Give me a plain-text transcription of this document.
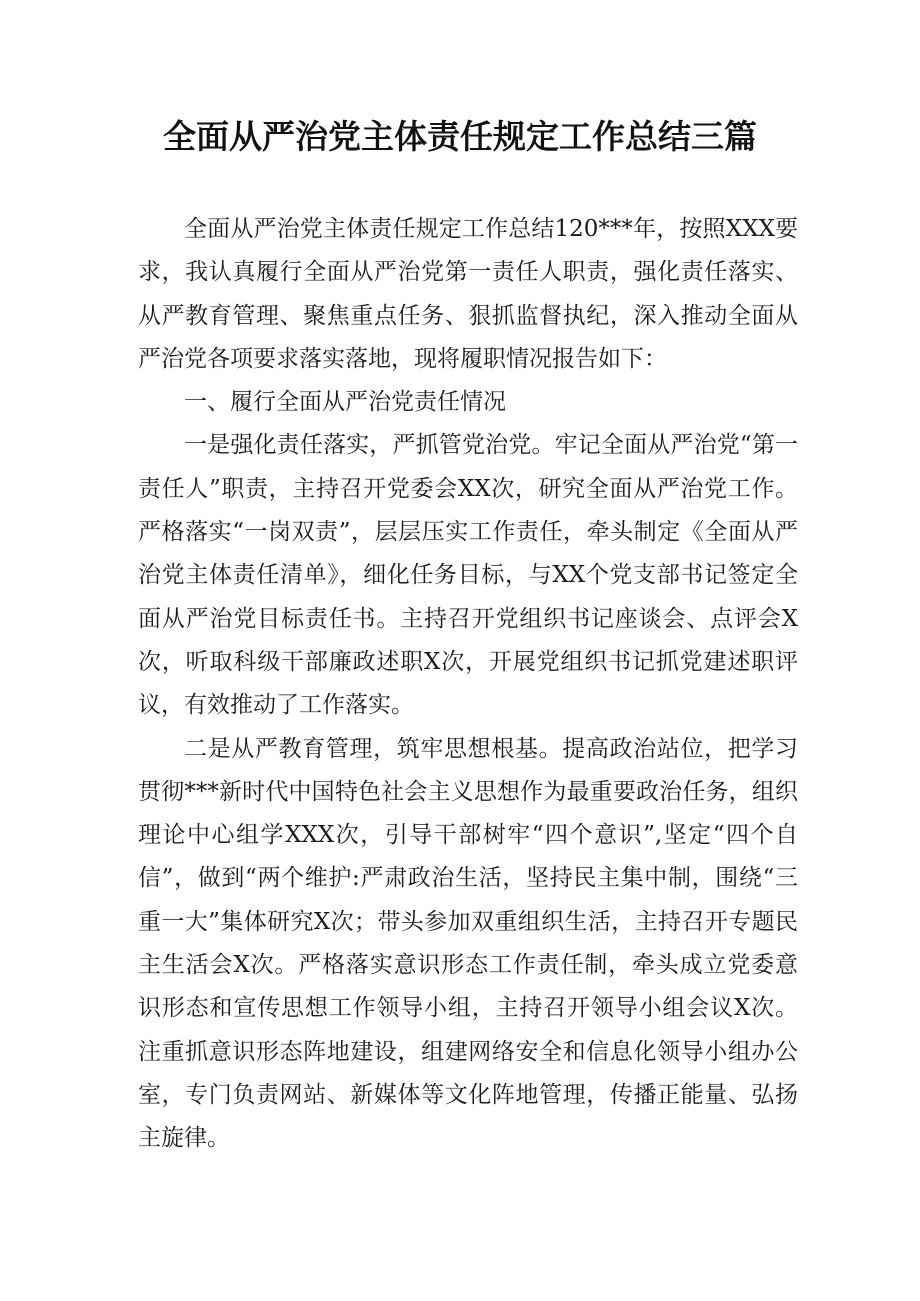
全面从严治党主体责任规定工作总结三篇

全面从严治党主体责任规定工作总结120***年，按照XXX要求，我认真履行全面从严治党第一责任人职责，强化责任落实、从严教育管理、聚焦重点任务、狠抓监督执纪，深入推动全面从严治党各项要求落实落地，现将履职情况报告如下：

一、履行全面从严治党责任情况

一是强化责任落实，严抓管党治党。牢记全面从严治党“第一责任人”职责，主持召开党委会XX次，研究全面从严治党工作。严格落实“一岗双责”，层层压实工作责任，牵头制定《全面从严治党主体责任清单》，细化任务目标，与XX个党支部书记签定全面从严治党目标责任书。主持召开党组织书记座谈会、点评会X次，听取科级干部廉政述职X次，开展党组织书记抓党建述职评议，有效推动了工作落实。

二是从严教育管理，筑牢思想根基。提高政治站位，把学习贯彻***新时代中国特色社会主义思想作为最重要政治任务，组织理论中心组学XXX次，引导干部树牢“四个意识”,坚定“四个自信”，做到“两个维护:严肃政治生活，坚持民主集中制，围绕“三重一大”集体研究X次；带头参加双重组织生活，主持召开专题民主生活会X次。严格落实意识形态工作责任制，牵头成立党委意识形态和宣传思想工作领导小组，主持召开领导小组会议X次。注重抓意识形态阵地建设，组建网络安全和信息化领导小组办公室，专门负责网站、新媒体等文化阵地管理，传播正能量、弘扬主旋律。
